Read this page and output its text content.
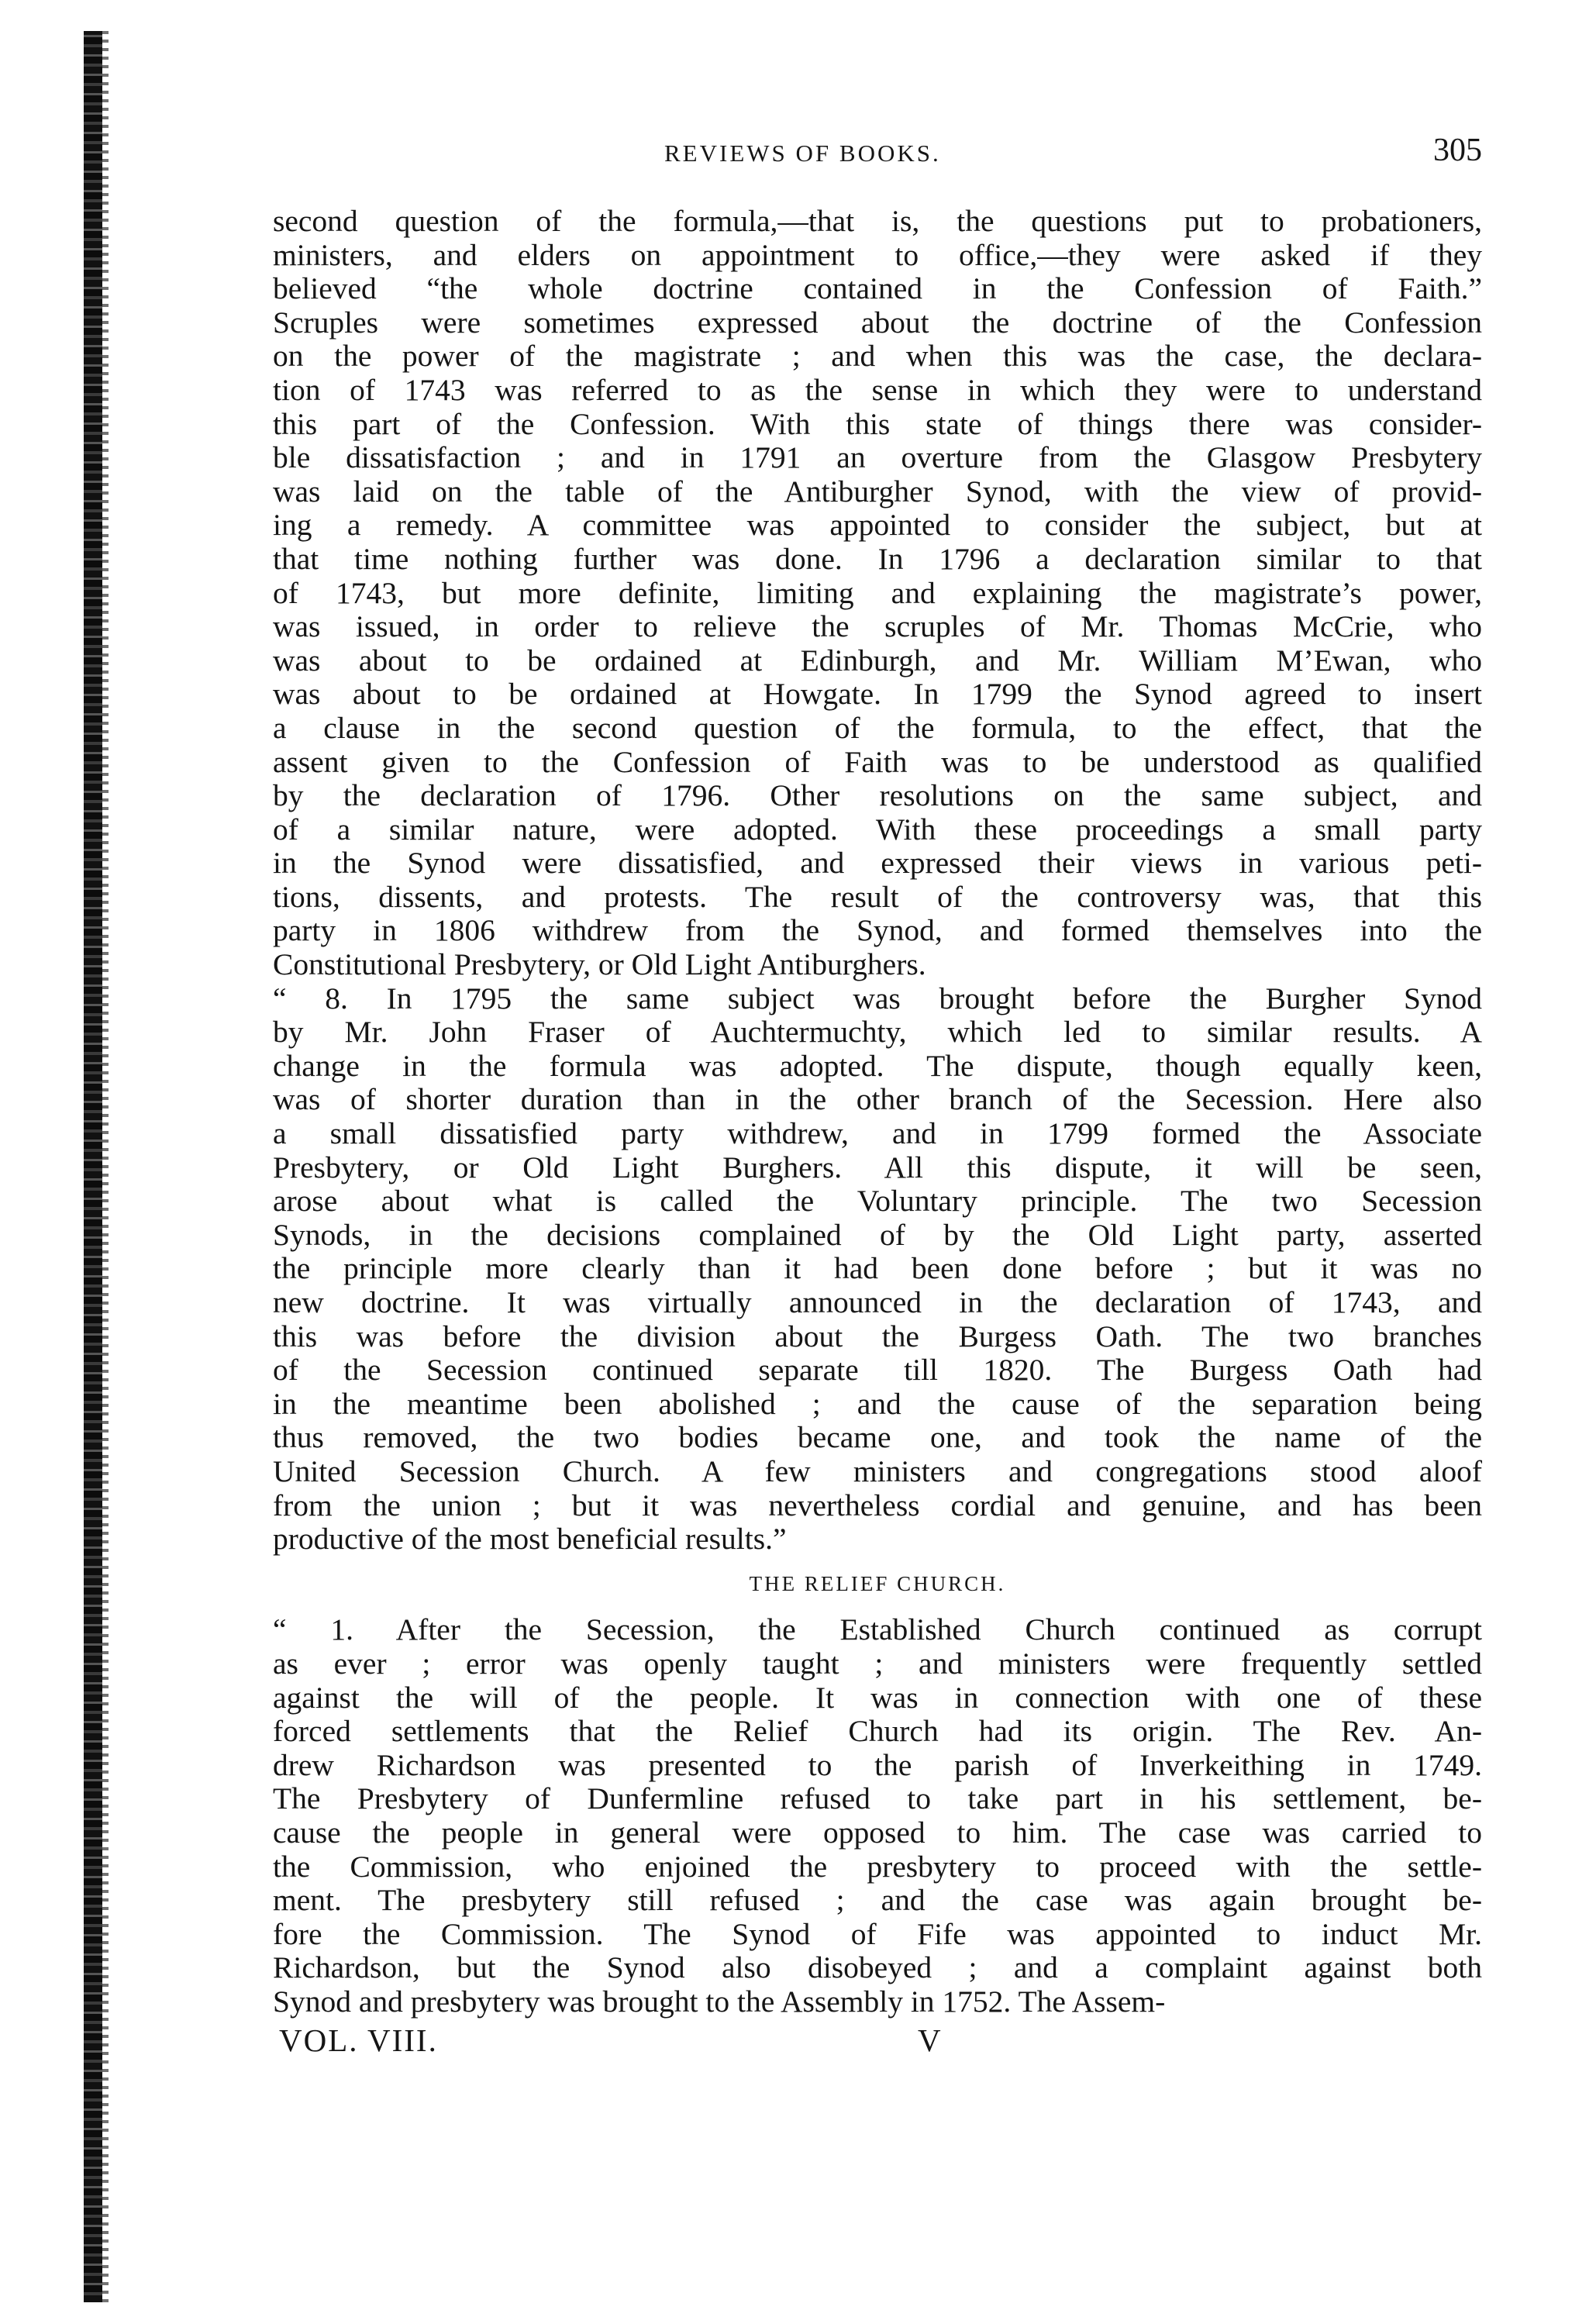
REVIEWS OF BOOKS.	305
second question of the formula,—that is, the questions put to probationers,
ministers, and elders on appointment to office,—they were asked if they
believed “the whole doctrine contained in the Confession of Faith.”
Scruples were sometimes expressed about the doctrine of the Confession
on the power of the magistrate ; and when this was the case, the declara-
tion of 1743 was referred to as the sense in which they were to understand
this part of the Confession. With this state of things there was consider-
ble dissatisfaction ; and in 1791 an overture from the Glasgow Presbytery
was laid on the table of the Antiburgher Synod, with the view of provid-
ing a remedy. A committee was appointed to consider the subject, but at
that time nothing further was done. In 1796 a declaration similar to that
of 1743, but more definite, limiting and explaining the magistrate’s power,
was issued, in order to relieve the scruples of Mr. Thomas McCrie, who
was about to be ordained at Edinburgh, and Mr. William M’Ewan, who
was about to be ordained at Howgate. In 1799 the Synod agreed to insert
a clause in the second question of the formula, to the effect, that the
assent given to the Confession of Faith was to be understood as qualified
by the declaration of 1796. Other resolutions on the same subject, and
of a similar nature, were adopted. With these proceedings a small party
in the Synod were dissatisfied, and expressed their views in various peti-
tions, dissents, and protests. The result of the controversy was, that this
party in 1806 withdrew from the Synod, and formed themselves into the
Constitutional Presbytery, or Old Light Antiburghers.
“ 8. In 1795 the same subject was brought before the Burgher Synod
by Mr. John Fraser of Auchtermuchty, which led to similar results. A
change in the formula was adopted. The dispute, though equally keen,
was of shorter duration than in the other branch of the Secession. Here also
a small dissatisfied party withdrew, and in 1799 formed the Associate
Presbytery, or Old Light Burghers. All this dispute, it will be seen,
arose about what is called the Voluntary principle. The two Secession
Synods, in the decisions complained of by the Old Light party, asserted
the principle more clearly than it had been done before ; but it was no
new doctrine. It was virtually announced in the declaration of 1743, and
this was before the division about the Burgess Oath. The two branches
of the Secession continued separate till 1820. The Burgess Oath had
in the meantime been abolished ; and the cause of the separation being
thus removed, the two bodies became one, and took the name of the
United Secession Church. A few ministers and congregations stood aloof
from the union ; but it was nevertheless cordial and genuine, and has been
productive of the most beneficial results.”
THE RELIEF CHURCH.
“ 1. After the Secession, the Established Church continued as corrupt
as ever ; error was openly taught ; and ministers were frequently settled
against the will of the people. It was in connection with one of these
forced settlements that the Relief Church had its origin. The Rev. An-
drew Richardson was presented to the parish of Inverkeithing in 1749.
The Presbytery of Dunfermline refused to take part in his settlement, be-
cause the people in general were opposed to him. The case was carried to
the Commission, who enjoined the presbytery to proceed with the settle-
ment. The presbytery still refused ; and the case was again brought be-
fore the Commission. The Synod of Fife was appointed to induct Mr.
Richardson, but the Synod also disobeyed ; and a complaint against both
Synod and presbytery was brought to the Assembly in 1752. The Assem-
VOL. VIII.	V
